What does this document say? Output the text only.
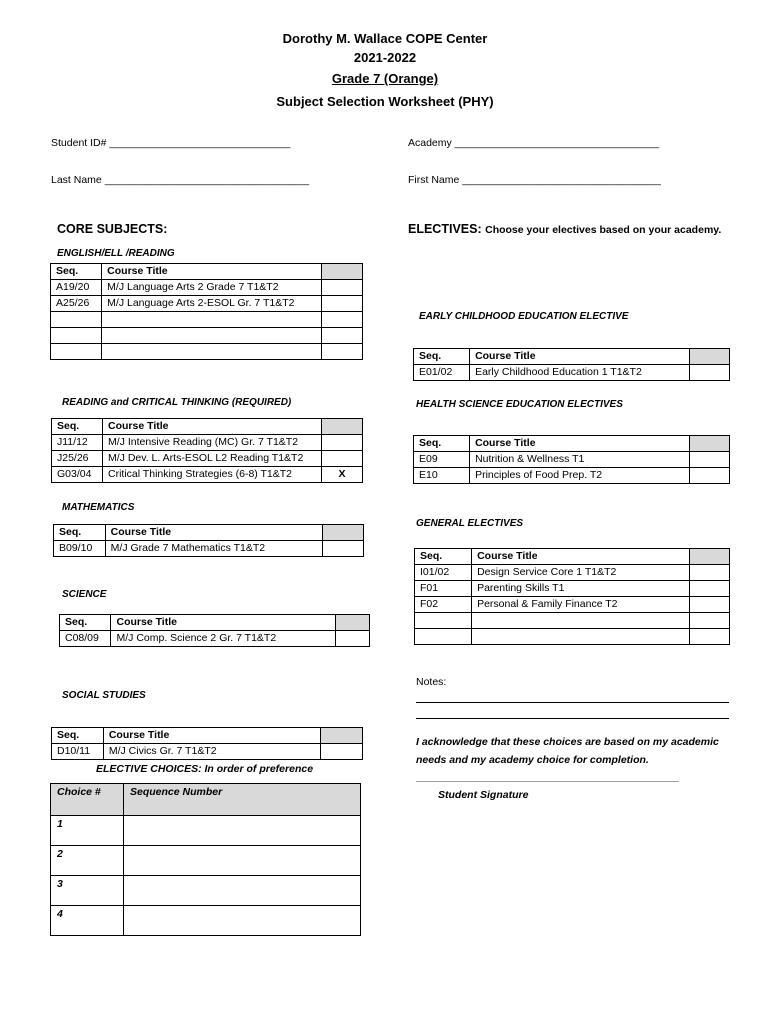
Dorothy M. Wallace COPE Center
2021-2022
Grade 7 (Orange)
Subject Selection Worksheet (PHY)
Student ID# _______________________________	Academy ___________________________________
Last Name ___________________________________	First Name __________________________________
CORE SUBJECTS:	ELECTIVES: Choose your electives based on your academy.
ENGLISH/ELL /READING
Seq.	Course Title	
A19/20	M/J Language Arts 2 Grade 7 T1&T2	
A25/26	M/J Language Arts 2-ESOL Gr. 7 T1&T2	

READING and CRITICAL THINKING (REQUIRED)
Seq.	Course Title	
J11/12	M/J Intensive Reading (MC) Gr. 7 T1&T2	
J25/26	M/J Dev. L. Arts-ESOL L2 Reading T1&T2	
G03/04	Critical Thinking Strategies (6-8) T1&T2	X
MATHEMATICS
Seq.	Course Title	
B09/10	M/J Grade 7 Mathematics T1&T2	
SCIENCE
Seq.	Course Title	
C08/09	M/J Comp. Science 2 Gr. 7 T1&T2	
SOCIAL STUDIES
Seq.	Course Title	
D10/11	M/J Civics Gr. 7 T1&T2	
ELECTIVE CHOICES: In order of preference
Choice #	Sequence Number
1	
2	
3	
4	
EARLY CHILDHOOD EDUCATION ELECTIVE
Seq.	Course Title	
E01/02	Early Childhood Education 1 T1&T2	
HEALTH SCIENCE EDUCATION ELECTIVES
Seq.	Course Title	
E09	Nutrition & Wellness T1	
E10	Principles of Food Prep. T2	
GENERAL ELECTIVES
Seq.	Course Title	
I01/02	Design Service Core 1 T1&T2	
F01	Parenting Skills T1	
F02	Personal & Family Finance T2	

Notes:
I acknowledge that these choices are based on my academic needs and my academy choice for completion.
_____________________________________________
Student Signature
